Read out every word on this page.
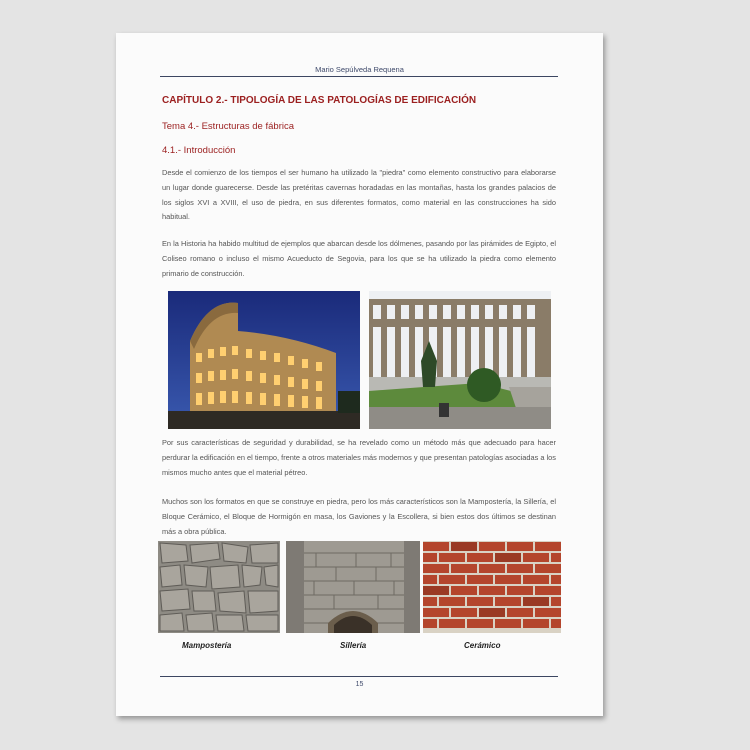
Mario Sepúlveda Requena
CAPÍTULO 2.- TIPOLOGÍA DE LAS PATOLOGÍAS DE EDIFICACIÓN
Tema 4.- Estructuras de fábrica
4.1.- Introducción

Desde el comienzo de los tiempos el ser humano ha utilizado la "piedra" como elemento constructivo para elaborarse un lugar donde guarecerse. Desde las pretéritas cavernas horadadas en las montañas, hasta los grandes palacios de los siglos XVI a XVIII, el uso de piedra, en sus diferentes formatos, como material en las construcciones ha sido habitual.

En la Historia ha habido multitud de ejemplos que abarcan desde los dólmenes, pasando por las pirámides de Egipto, el Coliseo romano o incluso el mismo Acueducto de Segovia, para los que se ha utilizado la piedra como elemento primario de construcción.

Por sus características de seguridad y durabilidad, se ha revelado como un método más que adecuado para hacer perdurar la edificación en el tiempo, frente a otros materiales más modernos y que presentan patologías asociadas a los mismos mucho antes que el material pétreo.

Muchos son los formatos en que se construye en piedra, pero los más característicos son la Mampostería, la Sillería, el Bloque Cerámico, el Bloque de Hormigón en masa, los Gaviones y la Escollera, si bien estos dos últimos se destinan más a obra pública.

Mampostería	Sillería	Cerámico
15
